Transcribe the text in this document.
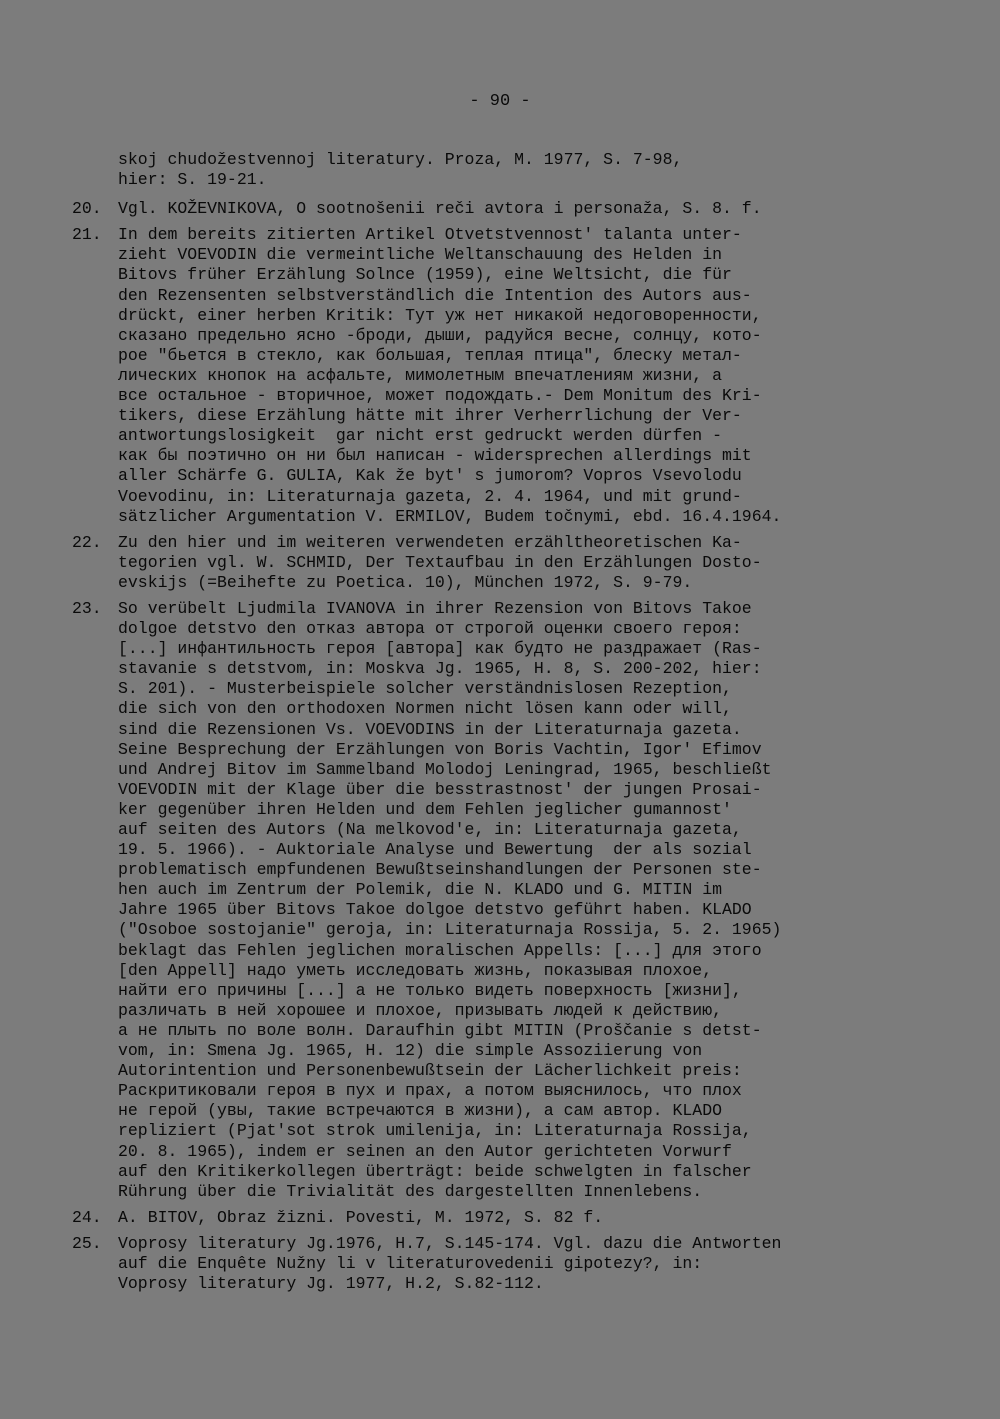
- 90 -
skoj chudožestvennoj literatury. Proza, M. 1977, S. 7-98,
hier: S. 19-21.
20. Vgl. KOŽEVNIKOVA, O sootnošenii reči avtora i personaža, S. 8. f.
21. In dem bereits zitierten Artikel Otvetstvennost' talanta unter-
zieht VOEVODIN die vermeintliche Weltanschauung des Helden in
Bitovs früher Erzählung Solnce (1959), eine Weltsicht, die für
den Rezensenten selbstverständlich die Intention des Autors aus-
drückt, einer herben Kritik: Тут уж нет никакой недоговоренности,
сказано предельно ясно -броди, дыши, радуйся весне, солнцу, кото-
рое "бьется в стекло, как большая, теплая птица", блеску метал-
лических кнопок на асфальте, мимолетным впечатлениям жизни, а
все остальное - вторичное, может подождать.- Dem Monitum des Kri-
tikers, diese Erzählung hätte mit ihrer Verherrlichung der Ver-
antwortungslosigkeit  gar nicht erst gedruckt werden dürfen -
как бы поэтично он ни был написан - widersprechen allerdings mit
aller Schärfe G. GULIA, Kak že byt' s jumorom? Vopros Vsevolodu
Voevodinu, in: Literaturnaja gazeta, 2. 4. 1964, und mit grund-
sätzlicher Argumentation V. ERMILOV, Budem točnymi, ebd. 16.4.1964.
22. Zu den hier und im weiteren verwendeten erzähltheoretischen Ka-
tegorien vgl. W. SCHMID, Der Textaufbau in den Erzählungen Dosto-
evskijs (=Beihefte zu Poetica. 10), München 1972, S. 9-79.
23. So verübelt Ljudmila IVANOVA in ihrer Rezension von Bitovs Takoe
dolgoe detstvo den отказ автора от строгой оценки своего героя:
[...] инфантильность героя [автора] как будто не раздражает (Ras-
stavanie s detstvom, in: Moskva Jg. 1965, H. 8, S. 200-202, hier:
S. 201). - Musterbeispiele solcher verständnislosen Rezeption,
die sich von den orthodoxen Normen nicht lösen kann oder will,
sind die Rezensionen Vs. VOEVODINS in der Literaturnaja gazeta.
Seine Besprechung der Erzählungen von Boris Vachtin, Igor' Efimov
und Andrej Bitov im Sammelband Molodoj Leningrad, 1965, beschließt
VOEVODIN mit der Klage über die besstrastnost' der jungen Prosai-
ker gegenüber ihren Helden und dem Fehlen jeglicher gumannost'
auf seiten des Autors (Na melkovod'e, in: Literaturnaja gazeta,
19. 5. 1966). - Auktoriale Analyse und Bewertung  der als sozial
problematisch empfundenen Bewußtseinshandlungen der Personen ste-
hen auch im Zentrum der Polemik, die N. KLADO und G. MITIN im
Jahre 1965 über Bitovs Takoe dolgoe detstvo geführt haben. KLADO
("Osoboe sostojanie" geroja, in: Literaturnaja Rossija, 5. 2. 1965)
beklagt das Fehlen jeglichen moralischen Appells: [...] для этого
[den Appell] надо уметь исследовать жизнь, показывая плохое,
найти его причины [...] а не только видеть поверхность [жизни],
различать в ней хорошее и плохое, призывать людей к действию,
а не плыть по воле волн. Daraufhin gibt MITIN (Proščanie s detst-
vom, in: Smena Jg. 1965, H. 12) die simple Assoziierung von
Autorintention und Personenbewußtsein der Lächerlichkeit preis:
Раскритиковали героя в пух и прах, а потом выяснилось, что плох
не герой (увы, такие встречаются в жизни), а сам автор. KLADO
repliziert (Pjat'sot strok umilenija, in: Literaturnaja Rossija,
20. 8. 1965), indem er seinen an den Autor gerichteten Vorwurf
auf den Kritikerkollegen überträgt: beide schwelgten in falscher
Rührung über die Trivialität des dargestellten Innenlebens.
24. A. BITOV, Obraz žizni. Povesti, M. 1972, S. 82 f.
25. Voprosy literatury Jg.1976, H.7, S.145-174. Vgl. dazu die Antworten
auf die Enquête Nužny li v literaturovedenii gipotezy?, in:
Voprosy literatury Jg. 1977, H.2, S.82-112.
